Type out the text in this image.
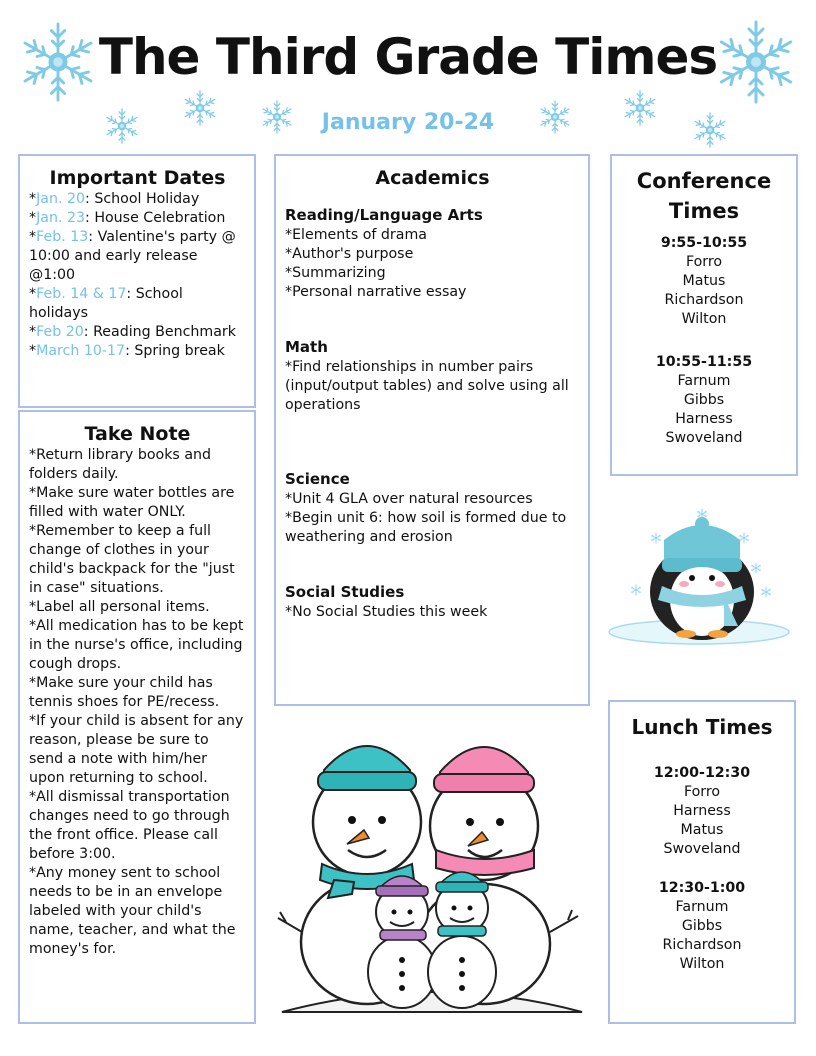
The Third Grade Times
January 20-24
Important Dates
*Jan. 20: School Holiday
*Jan. 23: House Celebration
*Feb. 13: Valentine's party @ 10:00 and early release @1:00
*Feb. 14 & 17: School holidays
*Feb 20: Reading Benchmark
*March 10-17: Spring break
Take Note
*Return library books and folders daily.
*Make sure water bottles are filled with water ONLY.
*Remember to keep a full change of clothes in your child's backpack for the "just in case" situations.
*Label all personal items.
*All medication has to be kept in the nurse's office, including cough drops.
*Make sure your child has tennis shoes for PE/recess.
*If your child is absent for any reason, please be sure to send a note with him/her upon returning to school.
*All dismissal transportation changes need to go through the front office. Please call before 3:00.
*Any money sent to school needs to be in an envelope labeled with your child's name, teacher, and what the money's for.
Academics

Reading/Language Arts

*Elements of drama
*Author's purpose
*Summarizing
*Personal narrative essay

Math

*Find relationships in number pairs (input/output tables) and solve using all operations

Science

*Unit 4 GLA over natural resources
*Begin unit 6: how soil is formed due to weathering and erosion

Social Studies

*No Social Studies this week
Conference
Times
9:55-10:55
Forro
Matus
Richardson
Wilton
10:55-11:55
Farnum
Gibbs
Harness
Swoveland
Lunch Times
12:00-12:30
Forro
Harness
Matus
Swoveland
12:30-1:00
Farnum
Gibbs
Richardson
Wilton
